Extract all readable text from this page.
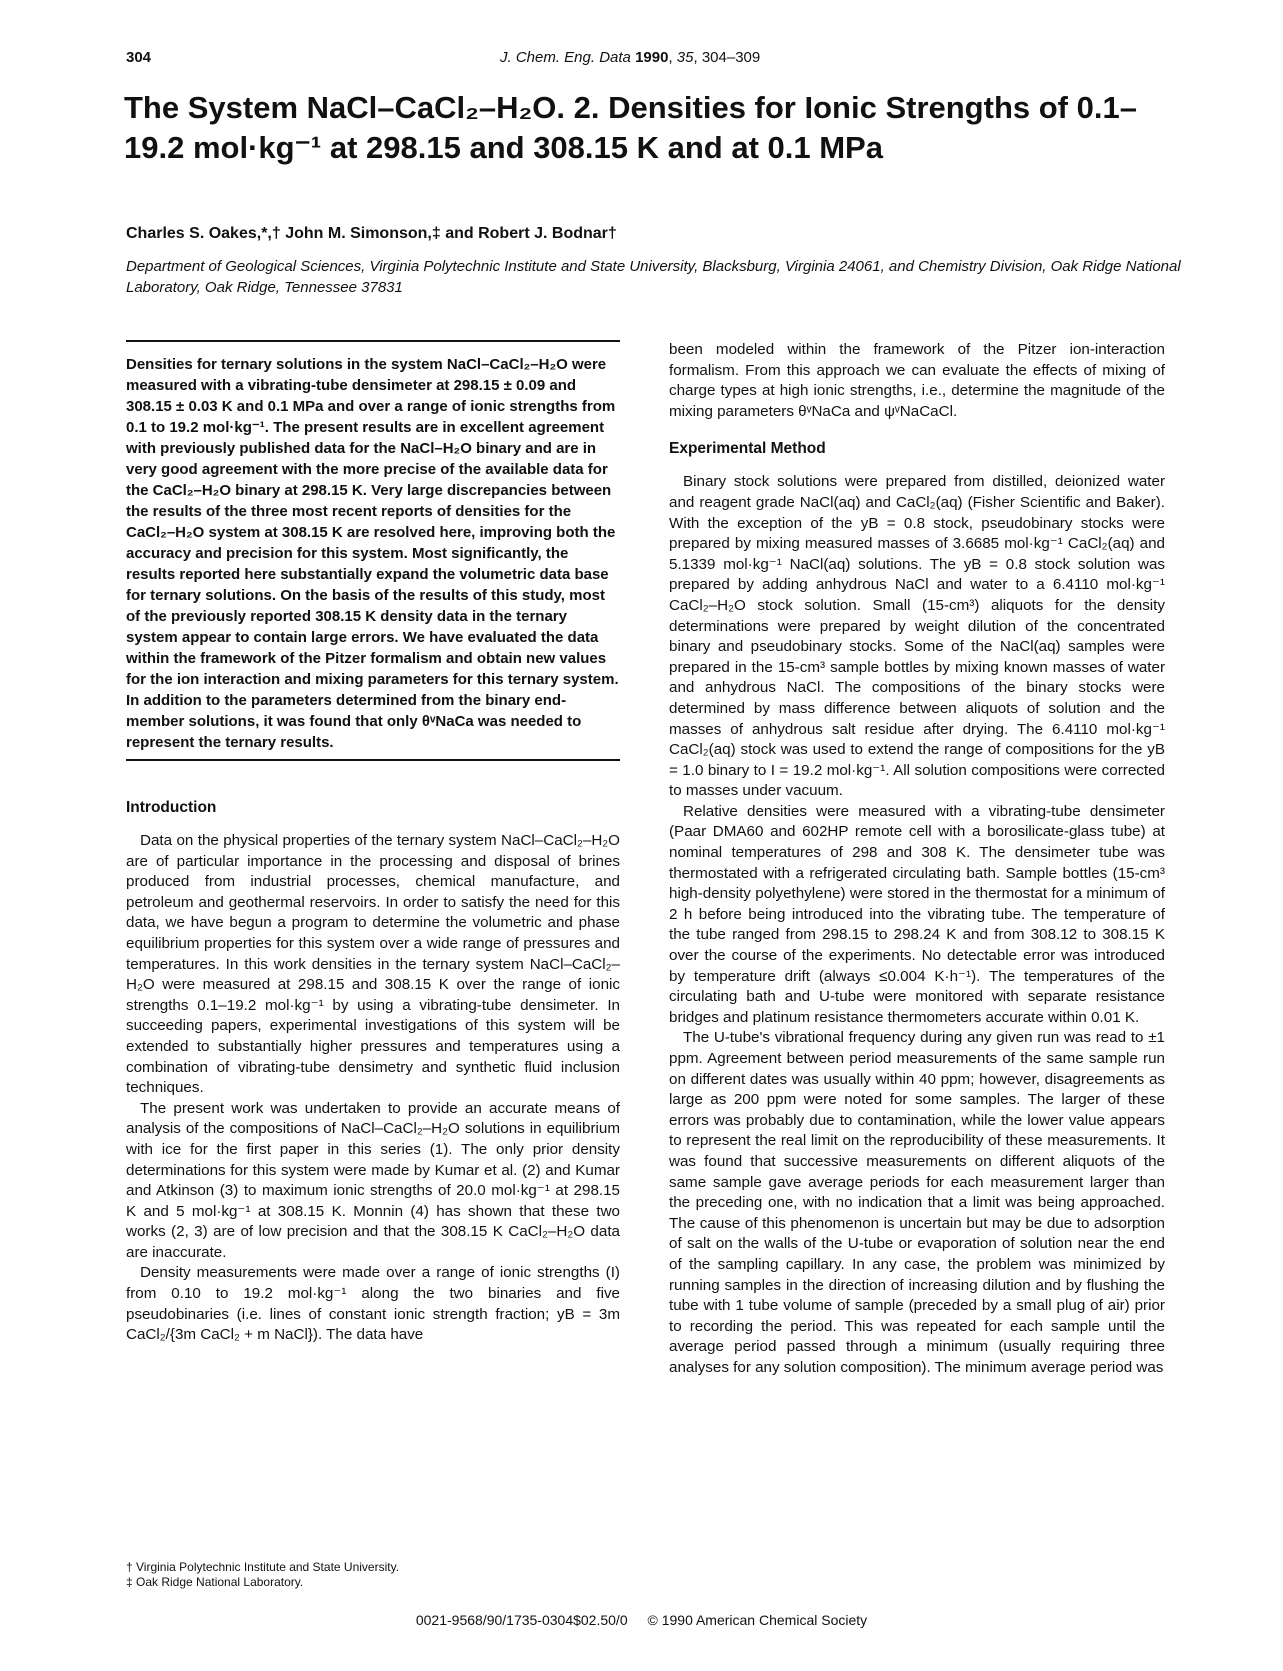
304	J. Chem. Eng. Data 1990, 35, 304–309
The System NaCl–CaCl₂–H₂O. 2. Densities for Ionic Strengths of 0.1–19.2 mol·kg⁻¹ at 298.15 and 308.15 K and at 0.1 MPa
Charles S. Oakes,*,† John M. Simonson,‡ and Robert J. Bodnar†
Department of Geological Sciences, Virginia Polytechnic Institute and State University, Blacksburg, Virginia 24061, and Chemistry Division, Oak Ridge National Laboratory, Oak Ridge, Tennessee 37831
Densities for ternary solutions in the system NaCl–CaCl₂–H₂O were measured with a vibrating-tube densimeter at 298.15 ± 0.09 and 308.15 ± 0.03 K and 0.1 MPa and over a range of ionic strengths from 0.1 to 19.2 mol·kg⁻¹. The present results are in excellent agreement with previously published data for the NaCl–H₂O binary and are in very good agreement with the more precise of the available data for the CaCl₂–H₂O binary at 298.15 K. Very large discrepancies between the results of the three most recent reports of densities for the CaCl₂–H₂O system at 308.15 K are resolved here, improving both the accuracy and precision for this system. Most significantly, the results reported here substantially expand the volumetric data base for ternary solutions. On the basis of the results of this study, most of the previously reported 308.15 K density data in the ternary system appear to contain large errors. We have evaluated the data within the framework of the Pitzer formalism and obtain new values for the ion interaction and mixing parameters for this ternary system. In addition to the parameters determined from the binary end-member solutions, it was found that only θᵛNaCa was needed to represent the ternary results.
Introduction

Data on the physical properties of the ternary system NaCl–CaCl₂–H₂O are of particular importance in the processing and disposal of brines produced from industrial processes, chemical manufacture, and petroleum and geothermal reservoirs. In order to satisfy the need for this data, we have begun a program to determine the volumetric and phase equilibrium properties for this system over a wide range of pressures and temperatures. In this work densities in the ternary system NaCl–CaCl₂–H₂O were measured at 298.15 and 308.15 K over the range of ionic strengths 0.1–19.2 mol·kg⁻¹ by using a vibrating-tube densimeter. In succeeding papers, experimental investigations of this system will be extended to substantially higher pressures and temperatures using a combination of vibrating-tube densimetry and synthetic fluid inclusion techniques.

The present work was undertaken to provide an accurate means of analysis of the compositions of NaCl–CaCl₂–H₂O solutions in equilibrium with ice for the first paper in this series (1). The only prior density determinations for this system were made by Kumar et al. (2) and Kumar and Atkinson (3) to maximum ionic strengths of 20.0 mol·kg⁻¹ at 298.15 K and 5 mol·kg⁻¹ at 308.15 K. Monnin (4) has shown that these two works (2, 3) are of low precision and that the 308.15 K CaCl₂–H₂O data are inaccurate.

Density measurements were made over a range of ionic strengths (I) from 0.10 to 19.2 mol·kg⁻¹ along the two binaries and five pseudobinaries (i.e. lines of constant ionic strength fraction; yB = 3m CaCl₂/{3m CaCl₂ + m NaCl}). The data have

been modeled within the framework of the Pitzer ion-interaction formalism. From this approach we can evaluate the effects of mixing of charge types at high ionic strengths, i.e., determine the magnitude of the mixing parameters θᵛNaCa and ψᵛNaCaCl.

Experimental Method

Binary stock solutions were prepared from distilled, deionized water and reagent grade NaCl(aq) and CaCl₂(aq) (Fisher Scientific and Baker). With the exception of the yB = 0.8 stock, pseudobinary stocks were prepared by mixing measured masses of 3.6685 mol·kg⁻¹ CaCl₂(aq) and 5.1339 mol·kg⁻¹ NaCl(aq) solutions. The yB = 0.8 stock solution was prepared by adding anhydrous NaCl and water to a 6.4110 mol·kg⁻¹ CaCl₂–H₂O stock solution. Small (15-cm³) aliquots for the density determinations were prepared by weight dilution of the concentrated binary and pseudobinary stocks. Some of the NaCl(aq) samples were prepared in the 15-cm³ sample bottles by mixing known masses of water and anhydrous NaCl. The compositions of the binary stocks were determined by mass difference between aliquots of solution and the masses of anhydrous salt residue after drying. The 6.4110 mol·kg⁻¹ CaCl₂(aq) stock was used to extend the range of compositions for the yB = 1.0 binary to I = 19.2 mol·kg⁻¹. All solution compositions were corrected to masses under vacuum.

Relative densities were measured with a vibrating-tube densimeter (Paar DMA60 and 602HP remote cell with a borosilicate-glass tube) at nominal temperatures of 298 and 308 K. The densimeter tube was thermostated with a refrigerated circulating bath. Sample bottles (15-cm³ high-density polyethylene) were stored in the thermostat for a minimum of 2 h before being introduced into the vibrating tube. The temperature of the tube ranged from 298.15 to 298.24 K and from 308.12 to 308.15 K over the course of the experiments. No detectable error was introduced by temperature drift (always ≤0.004 K·h⁻¹). The temperatures of the circulating bath and U-tube were monitored with separate resistance bridges and platinum resistance thermometers accurate within 0.01 K.

The U-tube's vibrational frequency during any given run was read to ±1 ppm. Agreement between period measurements of the same sample run on different dates was usually within 40 ppm; however, disagreements as large as 200 ppm were noted for some samples. The larger of these errors was probably due to contamination, while the lower value appears to represent the real limit on the reproducibility of these measurements. It was found that successive measurements on different aliquots of the same sample gave average periods for each measurement larger than the preceding one, with no indication that a limit was being approached. The cause of this phenomenon is uncertain but may be due to adsorption of salt on the walls of the U-tube or evaporation of solution near the end of the sampling capillary. In any case, the problem was minimized by running samples in the direction of increasing dilution and by flushing the tube with 1 tube volume of sample (preceded by a small plug of air) prior to recording the period. This was repeated for each sample until the average period passed through a minimum (usually requiring three analyses for any solution composition). The minimum average period was

† Virginia Polytechnic Institute and State University.
‡ Oak Ridge National Laboratory.
0021-9568/90/1735-0304$02.50/0 © 1990 American Chemical Society
